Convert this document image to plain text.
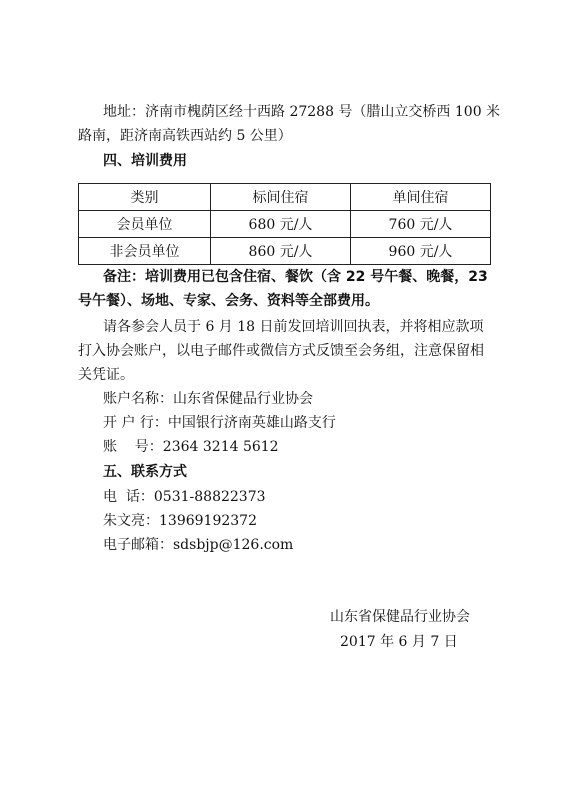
地址：济南市槐荫区经十西路 27288 号（腊山立交桥西 100 米
路南，距济南高铁西站约 5 公里）
四、培训费用
类别	标间住宿	单间住宿
会员单位	680 元/人	760 元/人
非会员单位	860 元/人	960 元/人
备注：培训费用已包含住宿、餐饮（含 22 号午餐、晚餐，23
号午餐）、场地、专家、会务、资料等全部费用。
请各参会人员于 6 月 18 日前发回培训回执表，并将相应款项
打入协会账户，以电子邮件或微信方式反馈至会务组，注意保留相
关凭证。
账户名称：山东省保健品行业协会
开 户 行：中国银行济南英雄山路支行
账    号：2364 3214 5612
五、联系方式
电  话：0531-88822373
朱文亮：13969192372
电子邮箱：sdsbjp@126.com
山东省保健品行业协会
2017 年 6 月 7 日
